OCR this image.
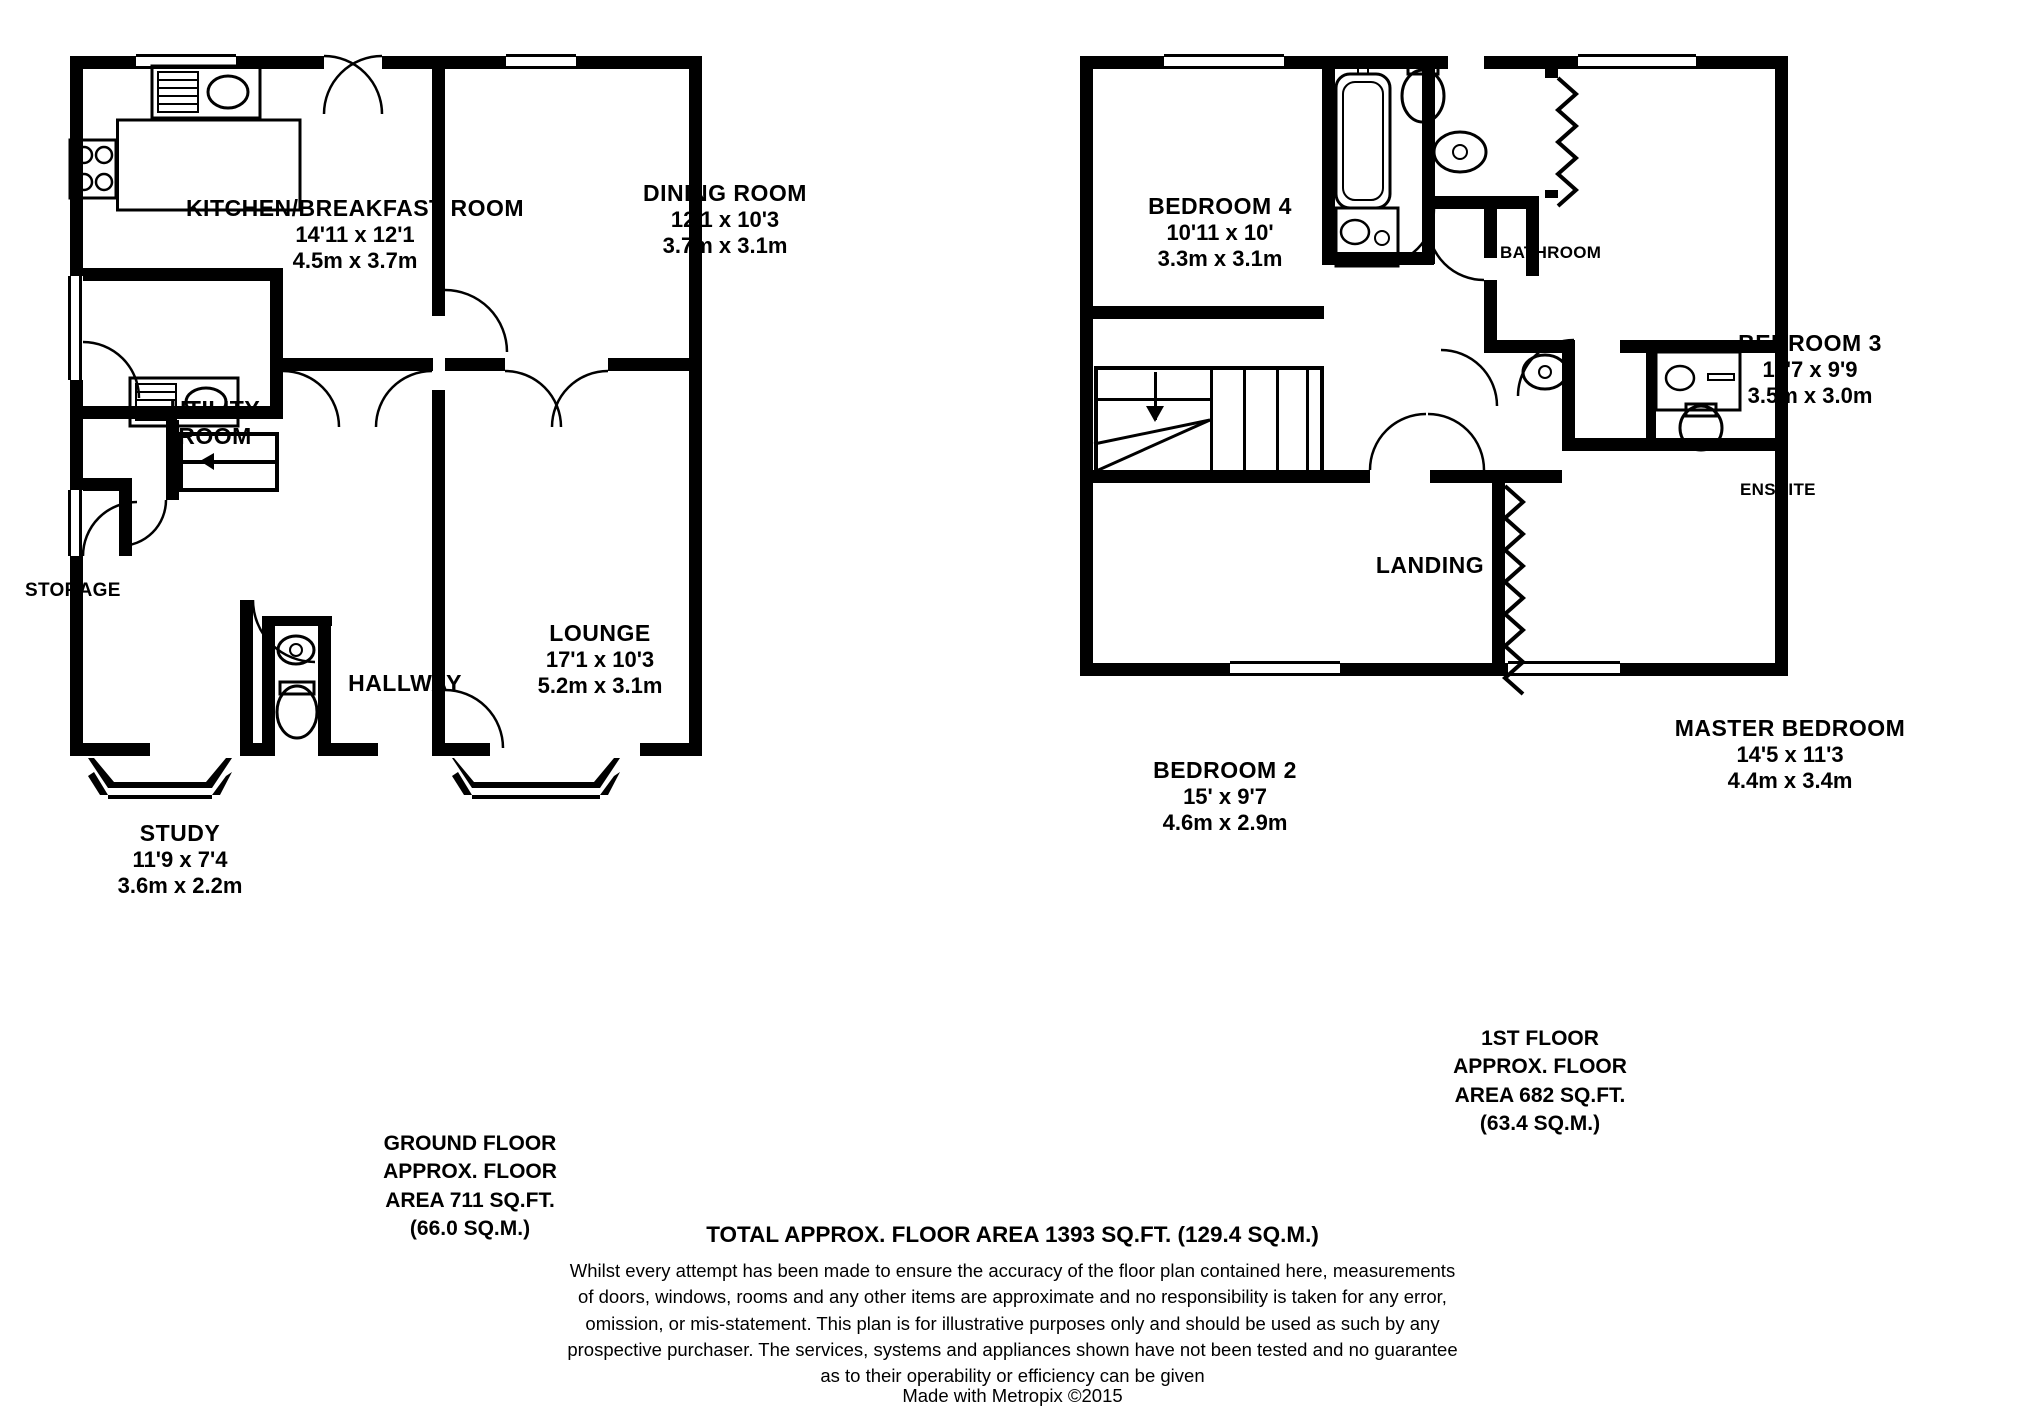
KITCHEN/BREAKFAST ROOM
14'11 x 12'1
4.5m x 3.7m
DINING ROOM
12'1 x 10'3
3.7m x 3.1m
UTILITY
ROOM
STORAGE
HALLWAY
LOUNGE
17'1 x 10'3
5.2m x 3.1m
STUDY
11'9 x 7'4
3.6m x 2.2m
BEDROOM 4
10'11 x 10'
3.3m x 3.1m	BATHROOM
BEDROOM 3
11'7 x 9'9
3.5m x 3.0m
ENSUITE
LANDING
BEDROOM 2
15' x 9'7
4.6m x 2.9m
MASTER BEDROOM
14'5 x 11'3
4.4m x 3.4m
GROUND FLOOR
APPROX. FLOOR
AREA 711 SQ.FT.
(66.0 SQ.M.)
1ST FLOOR
APPROX. FLOOR
AREA 682 SQ.FT.
(63.4 SQ.M.)
TOTAL APPROX. FLOOR AREA 1393 SQ.FT. (129.4 SQ.M.)
Whilst every attempt has been made to ensure the accuracy of the floor plan contained here, measurements
of doors, windows, rooms and any other items are approximate and no responsibility is taken for any error,
omission, or mis-statement. This plan is for illustrative purposes only and should be used as such by any
prospective purchaser. The services, systems and appliances shown have not been tested and no guarantee
as to their operability or efficiency can be given
Made with Metropix ©2015
